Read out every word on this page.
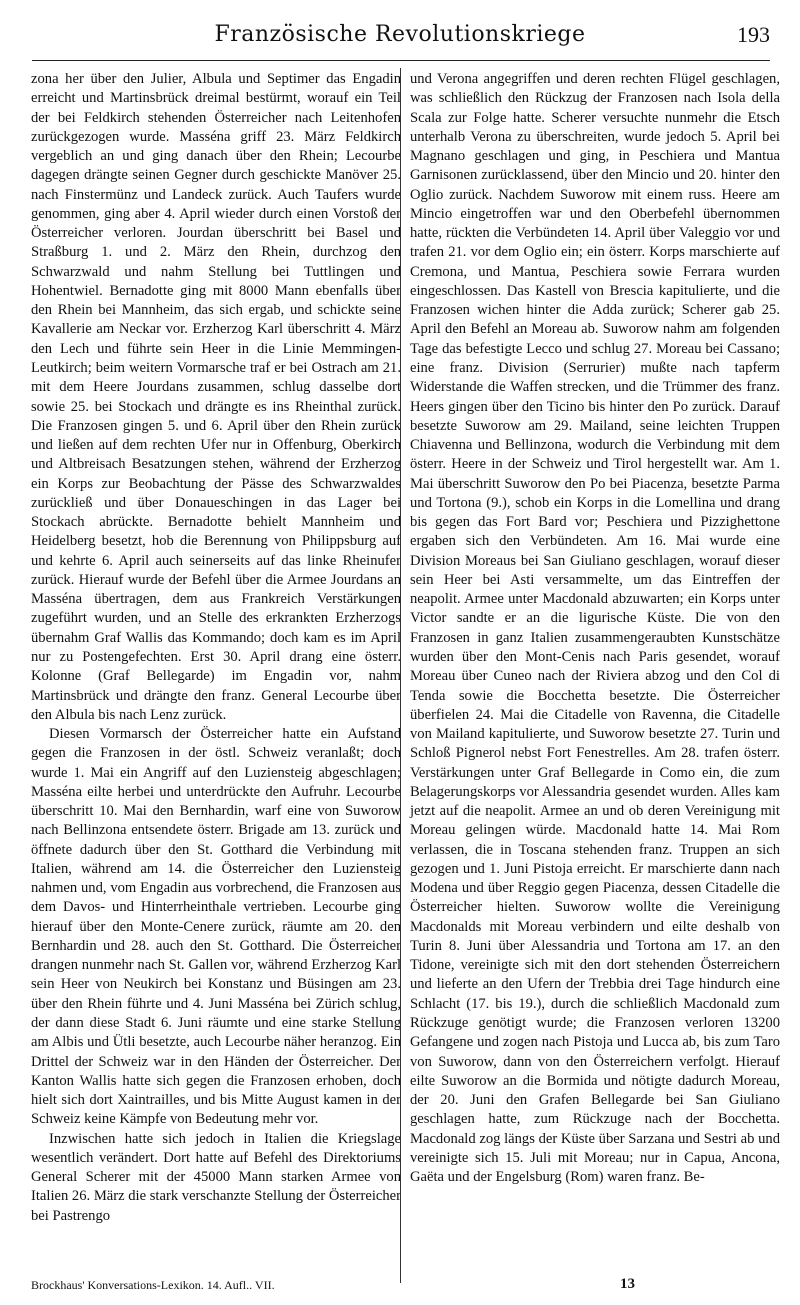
Französische Revolutionskriege	193

zona her über den Julier, Albula und Septimer das Engadin erreicht und Martinsbrück dreimal bestürmt, worauf ein Teil der bei Feldkirch stehenden Österreicher nach Leitenhofen zurückgezogen wurde. Masséna griff 23. März Feldkirch vergeblich an und ging danach über den Rhein; Lecourbe dagegen drängte seinen Gegner durch geschickte Manöver 25. nach Finstermünz und Landeck zurück. Auch Taufers wurde genommen, ging aber 4. April wieder durch einen Vorstoß der Österreicher verloren. Jourdan überschritt bei Basel und Straßburg 1. und 2. März den Rhein, durchzog den Schwarzwald und nahm Stellung bei Tuttlingen und Hohentwiel. Bernadotte ging mit 8000 Mann ebenfalls über den Rhein bei Mannheim, das sich ergab, und schickte seine Kavallerie am Neckar vor. Erzherzog Karl überschritt 4. März den Lech und führte sein Heer in die Linie Memmingen-Leutkirch; beim weitern Vormarsche traf er bei Ostrach am 21. mit dem Heere Jourdans zusammen, schlug dasselbe dort sowie 25. bei Stockach und drängte es ins Rheinthal zurück. Die Franzosen gingen 5. und 6. April über den Rhein zurück und ließen auf dem rechten Ufer nur in Offenburg, Oberkirch und Altbreisach Besatzungen stehen, während der Erzherzog ein Korps zur Beobachtung der Pässe des Schwarzwaldes zurückließ und über Donaueschingen in das Lager bei Stockach abrückte. Bernadotte behielt Mannheim und Heidelberg besetzt, hob die Berennung von Philippsburg auf und kehrte 6. April auch seinerseits auf das linke Rheinufer zurück. Hierauf wurde der Befehl über die Armee Jourdans an Masséna übertragen, dem aus Frankreich Verstärkungen zugeführt wurden, und an Stelle des erkrankten Erzherzogs übernahm Graf Wallis das Kommando; doch kam es im April nur zu Postengefechten. Erst 30. April drang eine österr. Kolonne (Graf Bellegarde) im Engadin vor, nahm Martinsbrück und drängte den franz. General Lecourbe über den Albula bis nach Lenz zurück.

Diesen Vormarsch der Österreicher hatte ein Aufstand gegen die Franzosen in der östl. Schweiz veranlaßt; doch wurde 1. Mai ein Angriff auf den Luziensteig abgeschlagen; Masséna eilte herbei und unterdrückte den Aufruhr. Lecourbe überschritt 10. Mai den Bernhardin, warf eine von Suworow nach Bellinzona entsendete österr. Brigade am 13. zurück und öffnete dadurch über den St. Gotthard die Verbindung mit Italien, während am 14. die Österreicher den Luziensteig nahmen und, vom Engadin aus vorbrechend, die Franzosen aus dem Davos- und Hinterrheinthale vertrieben. Lecourbe ging hierauf über den Monte-Cenere zurück, räumte am 20. den Bernhardin und 28. auch den St. Gotthard. Die Österreicher drangen nunmehr nach St. Gallen vor, während Erzherzog Karl sein Heer von Neukirch bei Konstanz und Büsingen am 23. über den Rhein führte und 4. Juni Masséna bei Zürich schlug, der dann diese Stadt 6. Juni räumte und eine starke Stellung am Albis und Ütli besetzte, auch Lecourbe näher heranzog. Ein Drittel der Schweiz war in den Händen der Österreicher. Der Kanton Wallis hatte sich gegen die Franzosen erhoben, doch hielt sich dort Xaintrailles, und bis Mitte August kamen in der Schweiz keine Kämpfe von Bedeutung mehr vor.

Inzwischen hatte sich jedoch in Italien die Kriegslage wesentlich verändert. Dort hatte auf Befehl des Direktoriums General Scherer mit der 45000 Mann starken Armee von Italien 26. März die stark verschanzte Stellung der Österreicher bei Pastrengo

und Verona angegriffen und deren rechten Flügel geschlagen, was schließlich den Rückzug der Franzosen nach Isola della Scala zur Folge hatte. Scherer versuchte nunmehr die Etsch unterhalb Verona zu überschreiten, wurde jedoch 5. April bei Magnano geschlagen und ging, in Peschiera und Mantua Garnisonen zurücklassend, über den Mincio und 20. hinter den Oglio zurück. Nachdem Suworow mit einem russ. Heere am Mincio eingetroffen war und den Oberbefehl übernommen hatte, rückten die Verbündeten 14. April über Valeggio vor und trafen 21. vor dem Oglio ein; ein österr. Korps marschierte auf Cremona, und Mantua, Peschiera sowie Ferrara wurden eingeschlossen. Das Kastell von Brescia kapitulierte, und die Franzosen wichen hinter die Adda zurück; Scherer gab 25. April den Befehl an Moreau ab. Suworow nahm am folgenden Tage das befestigte Lecco und schlug 27. Moreau bei Cassano; eine franz. Division (Serrurier) mußte nach tapferm Widerstande die Waffen strecken, und die Trümmer des franz. Heers gingen über den Ticino bis hinter den Po zurück. Darauf besetzte Suworow am 29. Mailand, seine leichten Truppen Chiavenna und Bellinzona, wodurch die Verbindung mit dem österr. Heere in der Schweiz und Tirol hergestellt war. Am 1. Mai überschritt Suworow den Po bei Piacenza, besetzte Parma und Tortona (9.), schob ein Korps in die Lomellina und drang bis gegen das Fort Bard vor; Peschiera und Pizzighettone ergaben sich den Verbündeten. Am 16. Mai wurde eine Division Moreaus bei San Giuliano geschlagen, worauf dieser sein Heer bei Asti versammelte, um das Eintreffen der neapolit. Armee unter Macdonald abzuwarten; ein Korps unter Victor sandte er an die ligurische Küste. Die von den Franzosen in ganz Italien zusammengeraubten Kunstschätze wurden über den Mont-Cenis nach Paris gesendet, worauf Moreau über Cuneo nach der Riviera abzog und den Col di Tenda sowie die Bocchetta besetzte. Die Österreicher überfielen 24. Mai die Citadelle von Ravenna, die Citadelle von Mailand kapitulierte, und Suworow besetzte 27. Turin und Schloß Pignerol nebst Fort Fenestrelles. Am 28. trafen österr. Verstärkungen unter Graf Bellegarde in Como ein, die zum Belagerungskorps vor Alessandria gesendet wurden. Alles kam jetzt auf die neapolit. Armee an und ob deren Vereinigung mit Moreau gelingen würde. Macdonald hatte 14. Mai Rom verlassen, die in Toscana stehenden franz. Truppen an sich gezogen und 1. Juni Pistoja erreicht. Er marschierte dann nach Modena und über Reggio gegen Piacenza, dessen Citadelle die Österreicher hielten. Suworow wollte die Vereinigung Macdonalds mit Moreau verbindern und eilte deshalb von Turin 8. Juni über Alessandria und Tortona am 17. an den Tidone, vereinigte sich mit den dort stehenden Österreichern und lieferte an den Ufern der Trebbia drei Tage hindurch eine Schlacht (17. bis 19.), durch die schließlich Macdonald zum Rückzuge genötigt wurde; die Franzosen verloren 13200 Gefangene und zogen nach Pistoja und Lucca ab, bis zum Taro von Suworow, dann von den Österreichern verfolgt. Hierauf eilte Suworow an die Bormida und nötigte dadurch Moreau, der 20. Juni den Grafen Bellegarde bei San Giuliano geschlagen hatte, zum Rückzuge nach der Bocchetta. Macdonald zog längs der Küste über Sarzana und Sestri ab und vereinigte sich 15. Juli mit Moreau; nur in Capua, Ancona, Gaëta und der Engelsburg (Rom) waren franz. Be-

Brockhaus' Konversations-Lexikon. 14. Aufl.. VII.	13
